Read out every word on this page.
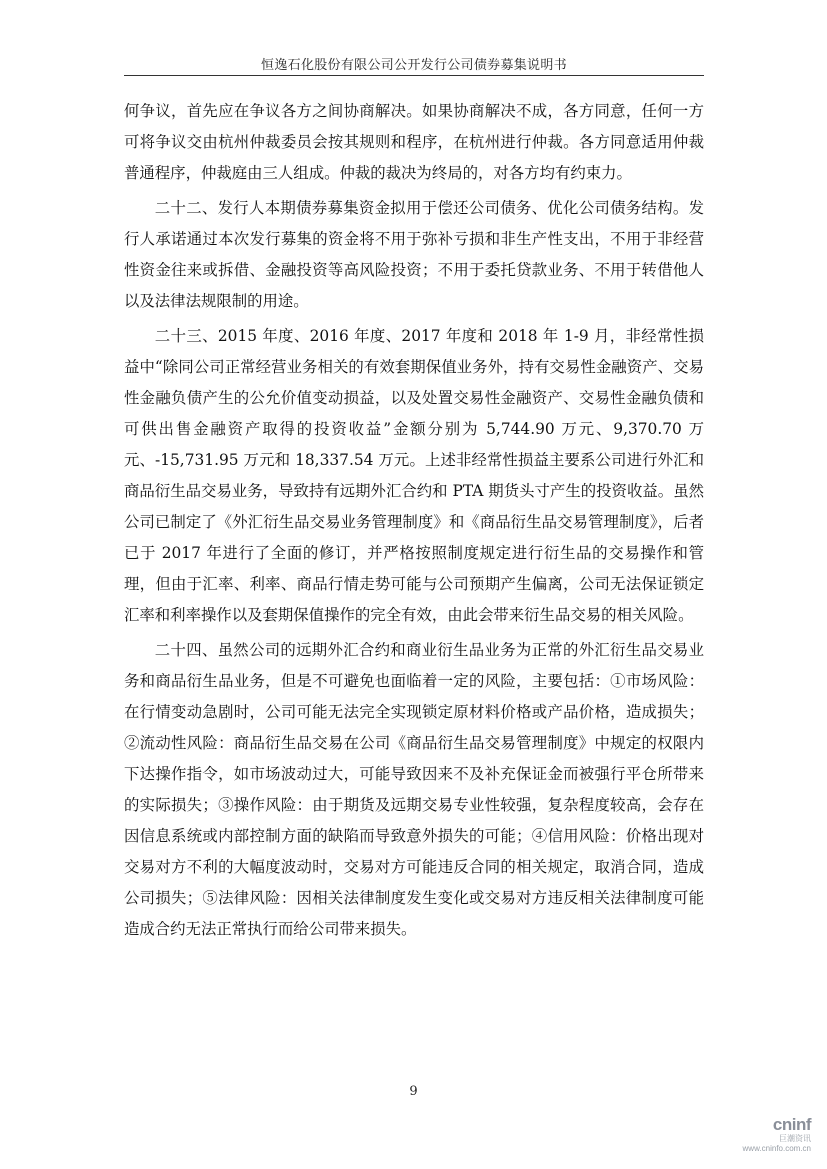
恒逸石化股份有限公司公开发行公司债券募集说明书

何争议，首先应在争议各方之间协商解决。如果协商解决不成，各方同意，任何一方可将争议交由杭州仲裁委员会按其规则和程序，在杭州进行仲裁。各方同意适用仲裁普通程序，仲裁庭由三人组成。仲裁的裁决为终局的，对各方均有约束力。

二十二、发行人本期债券募集资金拟用于偿还公司债务、优化公司债务结构。发行人承诺通过本次发行募集的资金将不用于弥补亏损和非生产性支出，不用于非经营性资金往来或拆借、金融投资等高风险投资；不用于委托贷款业务、不用于转借他人以及法律法规限制的用途。

二十三、2015 年度、2016 年度、2017 年度和 2018 年 1-9 月，非经常性损益中“除同公司正常经营业务相关的有效套期保值业务外，持有交易性金融资产、交易性金融负债产生的公允价值变动损益，以及处置交易性金融资产、交易性金融负债和可供出售金融资产取得的投资收益”金额分别为 5,744.90 万元、9,370.70 万元、-15,731.95 万元和 18,337.54 万元。上述非经常性损益主要系公司进行外汇和商品衍生品交易业务，导致持有远期外汇合约和 PTA 期货头寸产生的投资收益。虽然公司已制定了《外汇衍生品交易业务管理制度》和《商品衍生品交易管理制度》，后者已于 2017 年进行了全面的修订，并严格按照制度规定进行衍生品的交易操作和管理，但由于汇率、利率、商品行情走势可能与公司预期产生偏离，公司无法保证锁定汇率和利率操作以及套期保值操作的完全有效，由此会带来衍生品交易的相关风险。

二十四、虽然公司的远期外汇合约和商业衍生品业务为正常的外汇衍生品交易业务和商品衍生品业务，但是不可避免也面临着一定的风险，主要包括：①市场风险：在行情变动急剧时，公司可能无法完全实现锁定原材料价格或产品价格，造成损失；②流动性风险：商品衍生品交易在公司《商品衍生品交易管理制度》中规定的权限内下达操作指令，如市场波动过大，可能导致因来不及补充保证金而被强行平仓所带来的实际损失；③操作风险：由于期货及远期交易专业性较强，复杂程度较高，会存在因信息系统或内部控制方面的缺陷而导致意外损失的可能；④信用风险：价格出现对交易对方不利的大幅度波动时，交易对方可能违反合同的相关规定，取消合同，造成公司损失；⑤法律风险：因相关法律制度发生变化或交易对方违反相关法律制度可能造成合约无法正常执行而给公司带来损失。

9
cninf
巨潮资讯
www.cninfo.com.cn
